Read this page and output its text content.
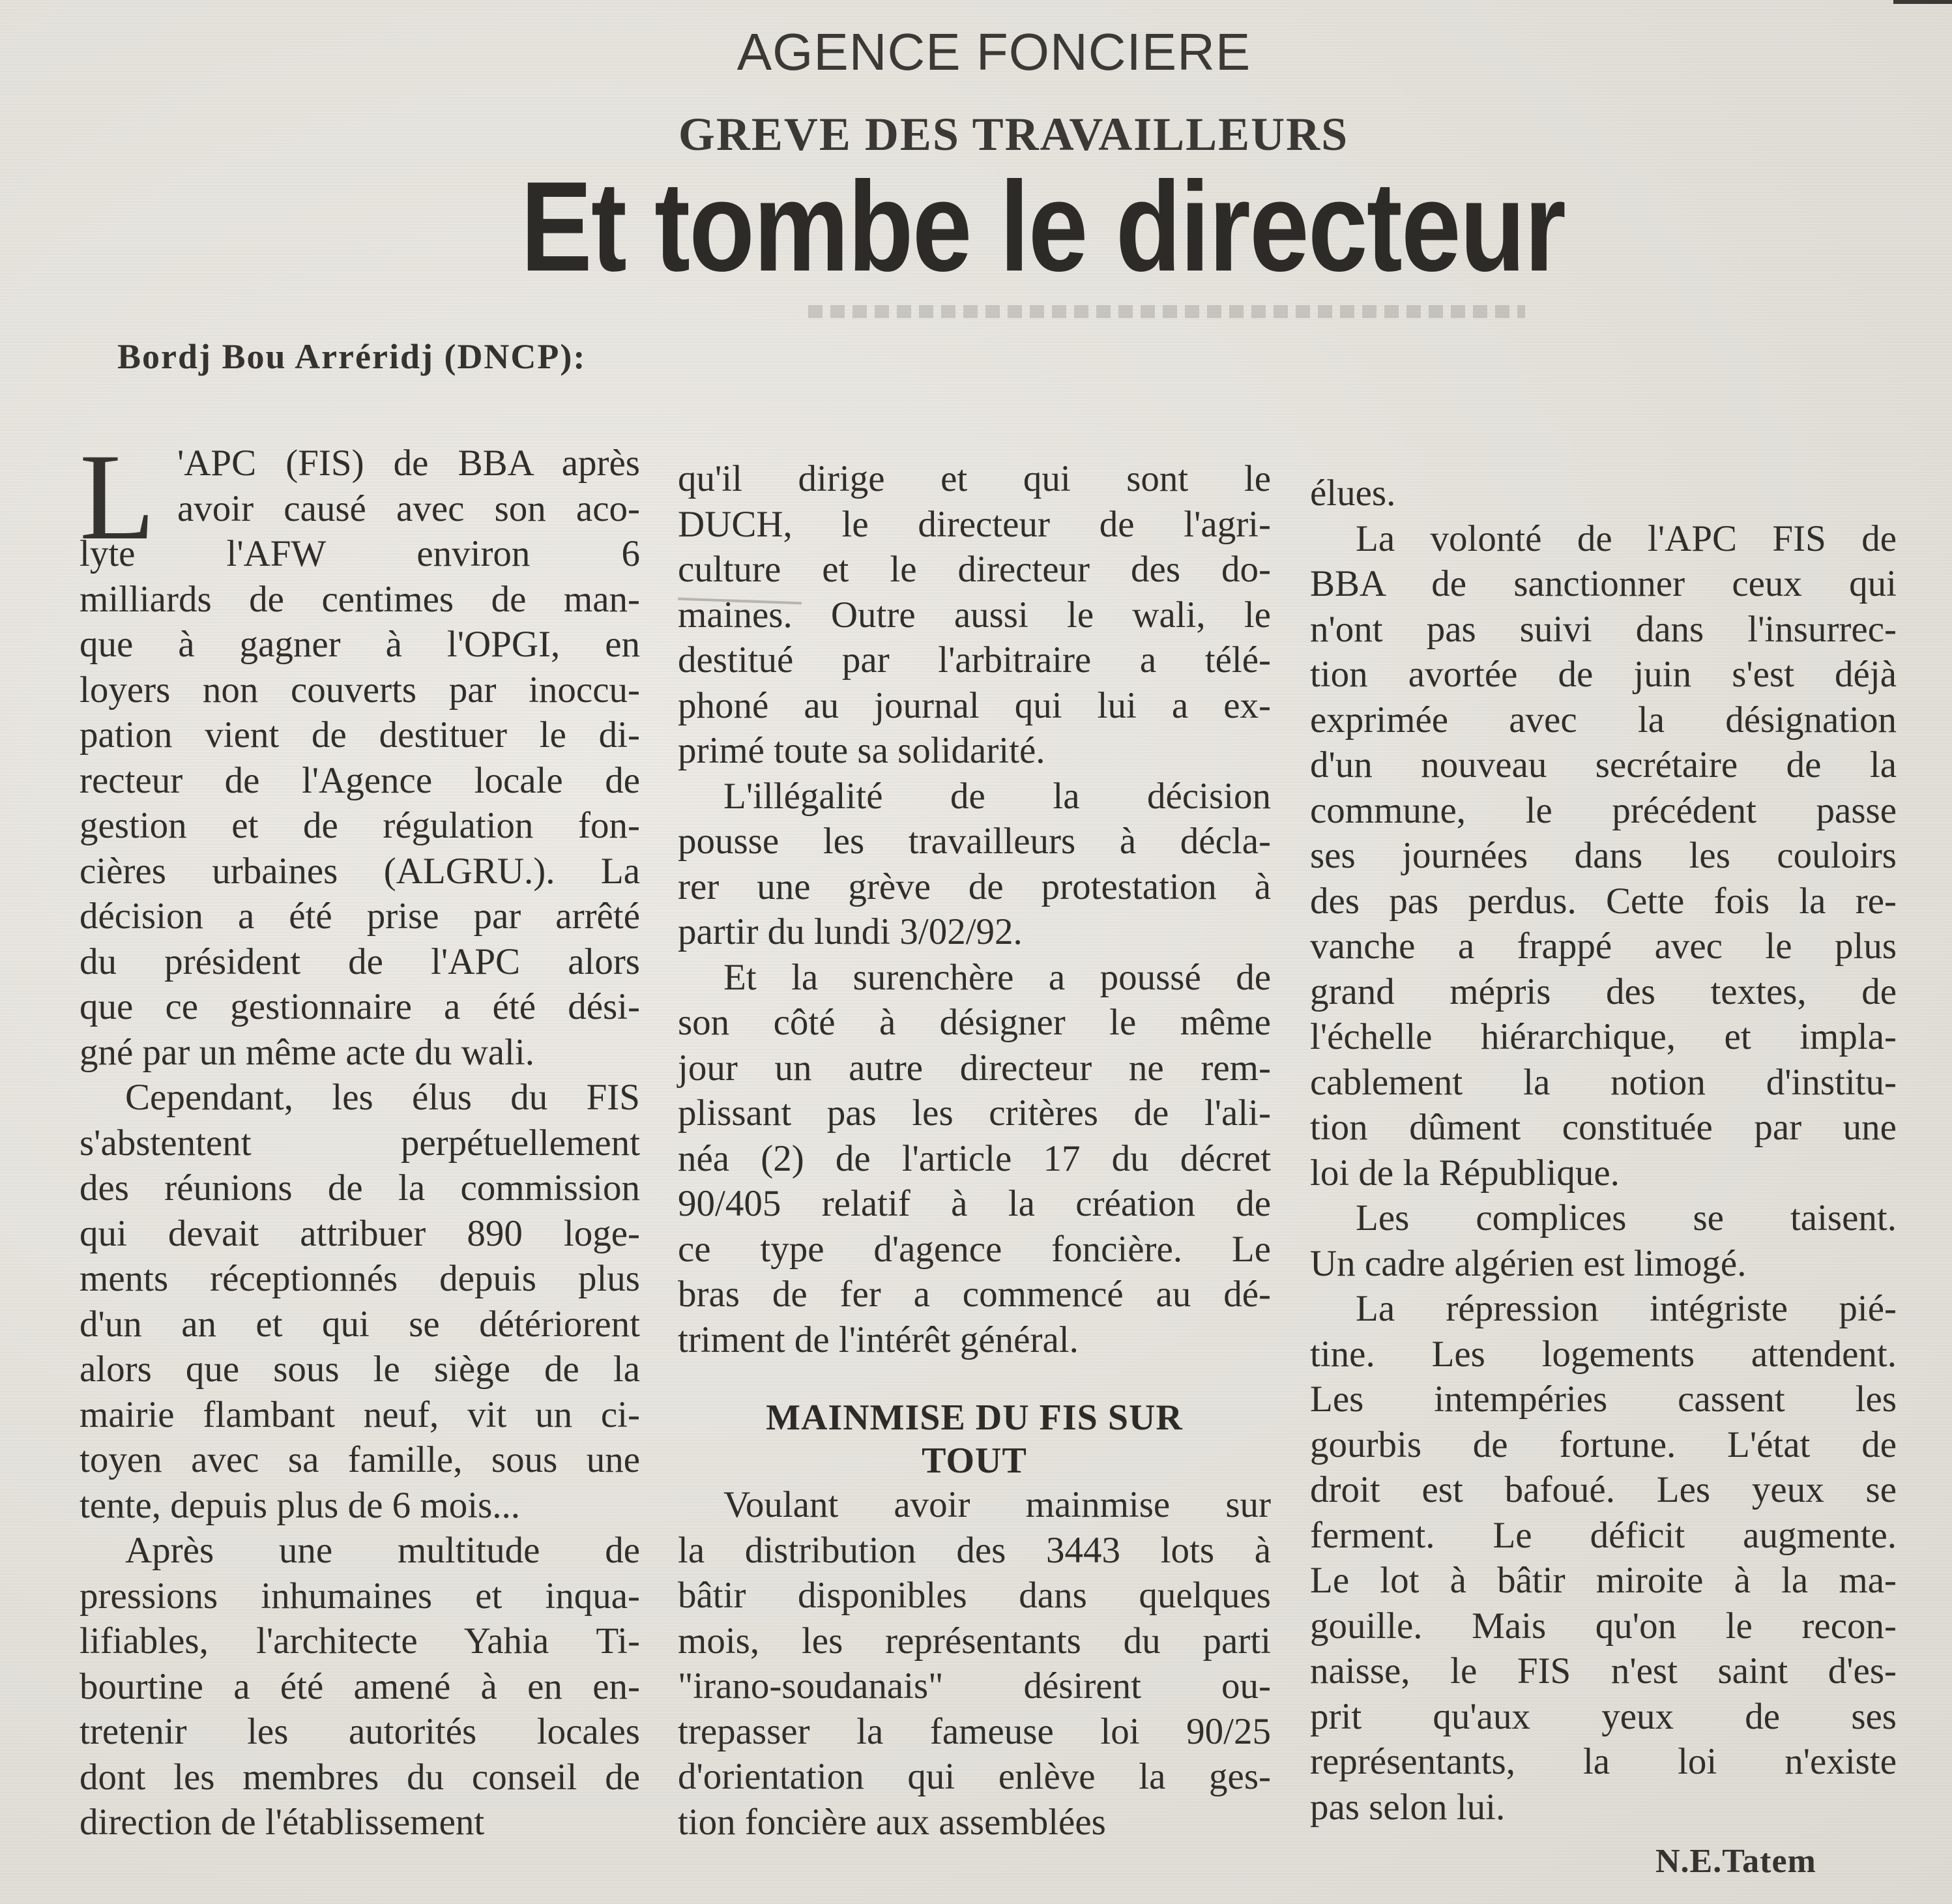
AGENCE FONCIERE
GREVE DES TRAVAILLEURS
Et tombe le directeur
Bordj Bou Arréridj (DNCP):
L 'APC (FIS) de BBA après
avoir causé avec son aco-
lyte l'AFW environ 6
milliards de centimes de man-
que à gagner à l'OPGI, en
loyers non couverts par inoccu-
pation vient de destituer le di-
recteur de l'Agence locale de
gestion et de régulation fon-
cières urbaines (ALGRU.). La
décision a été prise par arrêté
du président de l'APC alors
que ce gestionnaire a été dési-
gné par un même acte du wali.
Cependant, les élus du FIS
s'abstentent perpétuellement
des réunions de la commission
qui devait attribuer 890 loge-
ments réceptionnés depuis plus
d'un an et qui se détériorent
alors que sous le siège de la
mairie flambant neuf, vit un ci-
toyen avec sa famille, sous une
tente, depuis plus de 6 mois...
Après une multitude de
pressions inhumaines et inqua-
lifiables, l'architecte Yahia Ti-
bourtine a été amené à en en-
tretenir les autorités locales
dont les membres du conseil de
direction de l'établissement
qu'il dirige et qui sont le
DUCH, le directeur de l'agri-
culture et le directeur des do-
maines. Outre aussi le wali, le
destitué par l'arbitraire a télé-
phoné au journal qui lui a ex-
primé toute sa solidarité.
L'illégalité de la décision
pousse les travailleurs à décla-
rer une grève de protestation à
partir du lundi 3/02/92.
Et la surenchère a poussé de
son côté à désigner le même
jour un autre directeur ne rem-
plissant pas les critères de l'ali-
néa (2) de l'article 17 du décret
90/405 relatif à la création de
ce type d'agence foncière. Le
bras de fer a commencé au dé-
triment de l'intérêt général.
MAINMISE DU FIS SUR
TOUT
Voulant avoir mainmise sur
la distribution des 3443 lots à
bâtir disponibles dans quelques
mois, les représentants du parti
"irano-soudanais" désirent ou-
trepasser la fameuse loi 90/25
d'orientation qui enlève la ges-
tion foncière aux assemblées
élues.
La volonté de l'APC FIS de
BBA de sanctionner ceux qui
n'ont pas suivi dans l'insurrec-
tion avortée de juin s'est déjà
exprimée avec la désignation
d'un nouveau secrétaire de la
commune, le précédent passe
ses journées dans les couloirs
des pas perdus. Cette fois la re-
vanche a frappé avec le plus
grand mépris des textes, de
l'échelle hiérarchique, et impla-
cablement la notion d'institu-
tion dûment constituée par une
loi de la République.
Les complices se taisent.
Un cadre algérien est limogé.
La répression intégriste pié-
tine. Les logements attendent.
Les intempéries cassent les
gourbis de fortune. L'état de
droit est bafoué. Les yeux se
ferment. Le déficit augmente.
Le lot à bâtir miroite à la ma-
gouille. Mais qu'on le recon-
naisse, le FIS n'est saint d'es-
prit qu'aux yeux de ses
représentants, la loi n'existe
pas selon lui.
N.E.Tatem
